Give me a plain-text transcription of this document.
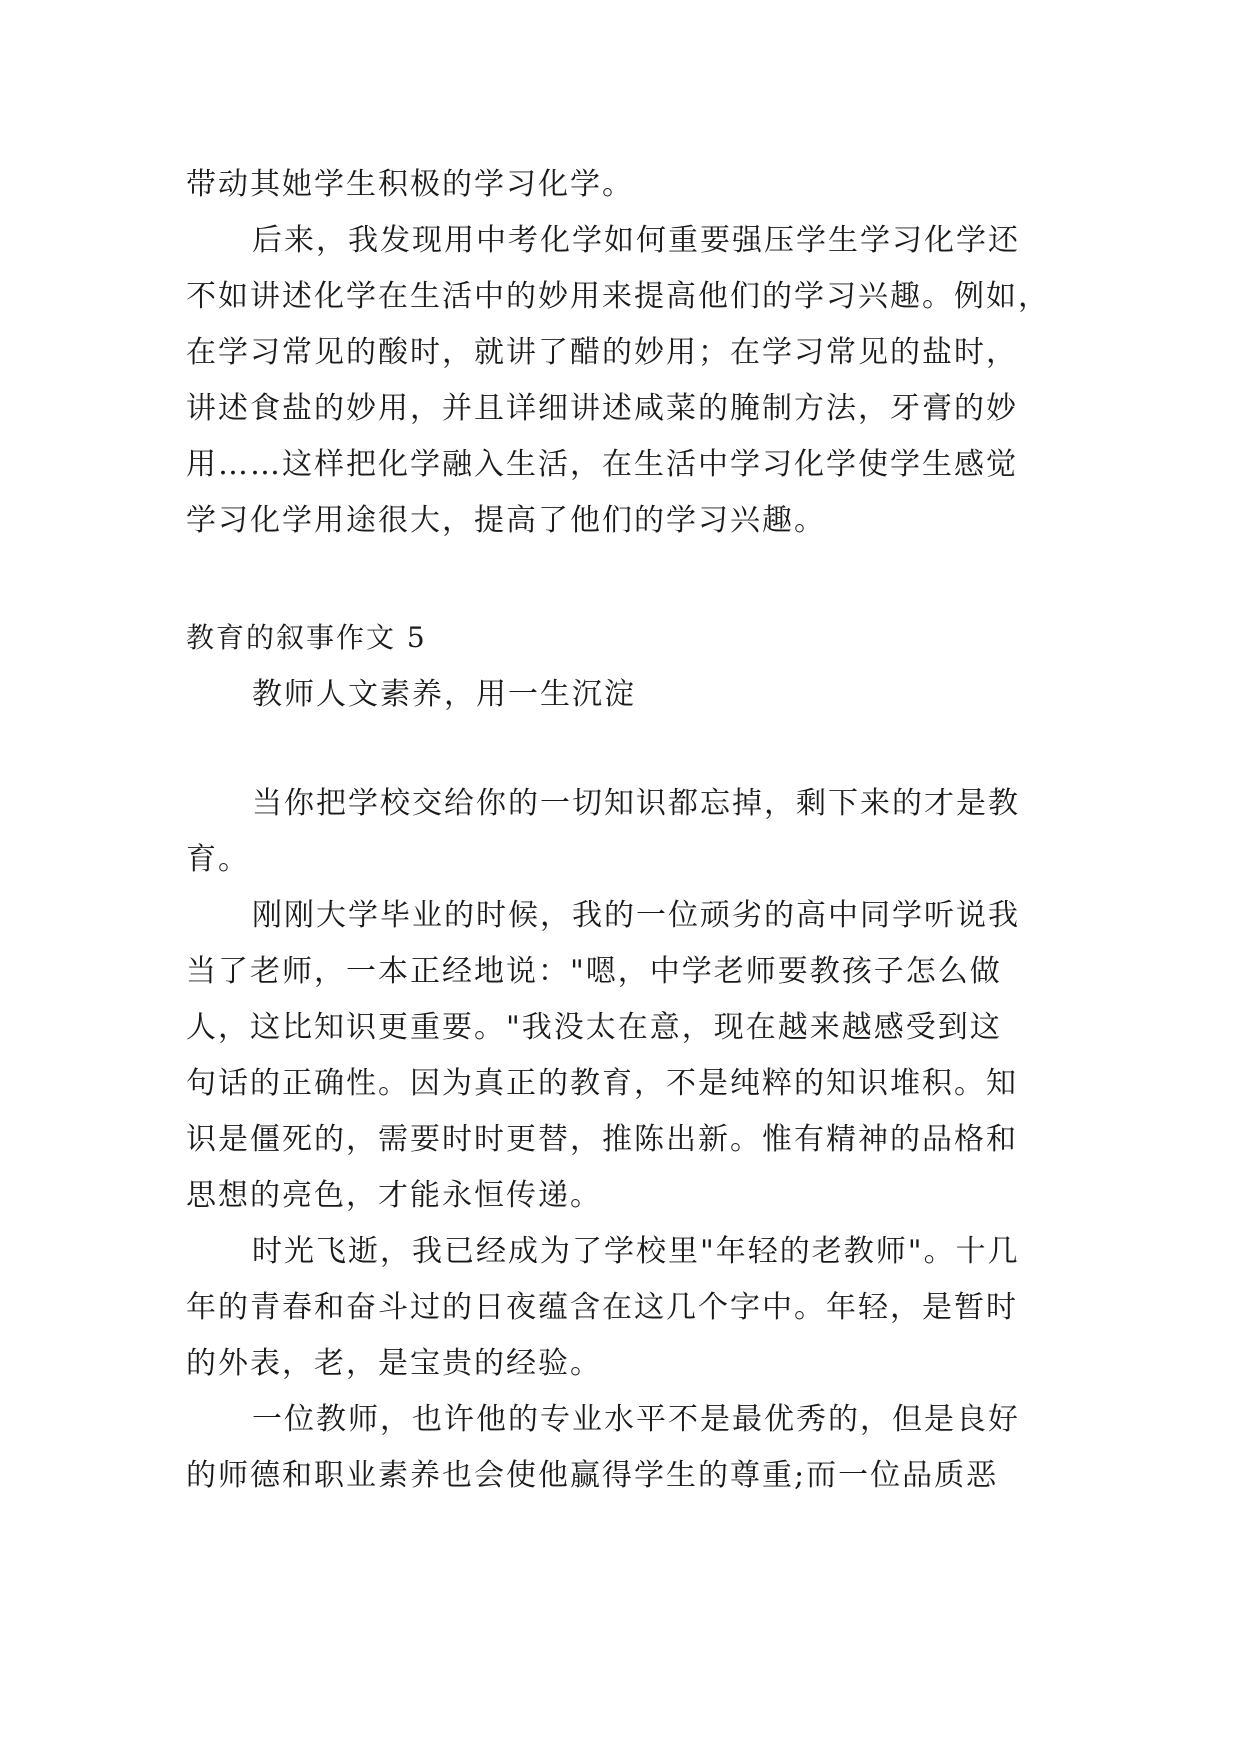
带动其她学生积极的学习化学。

后来，我发现用中考化学如何重要强压学生学习化学还

不如讲述化学在生活中的妙用来提高他们的学习兴趣。例如，

在学习常见的酸时，就讲了醋的妙用；在学习常见的盐时，

讲述食盐的妙用，并且详细讲述咸菜的腌制方法，牙膏的妙

用……这样把化学融入生活，在生活中学习化学使学生感觉

学习化学用途很大，提高了他们的学习兴趣。

教育的叙事作文 5

教师人文素养，用一生沉淀

当你把学校交给你的一切知识都忘掉，剩下来的才是教

育。

刚刚大学毕业的时候，我的一位顽劣的高中同学听说我

当了老师，一本正经地说："嗯，中学老师要教孩子怎么做

人，这比知识更重要。"我没太在意，现在越来越感受到这

句话的正确性。因为真正的教育，不是纯粹的知识堆积。知

识是僵死的，需要时时更替，推陈出新。惟有精神的品格和

思想的亮色，才能永恒传递。

时光飞逝，我已经成为了学校里"年轻的老教师"。十几

年的青春和奋斗过的日夜蕴含在这几个字中。年轻，是暂时

的外表，老，是宝贵的经验。

一位教师，也许他的专业水平不是最优秀的，但是良好

的师德和职业素养也会使他赢得学生的尊重;而一位品质恶
